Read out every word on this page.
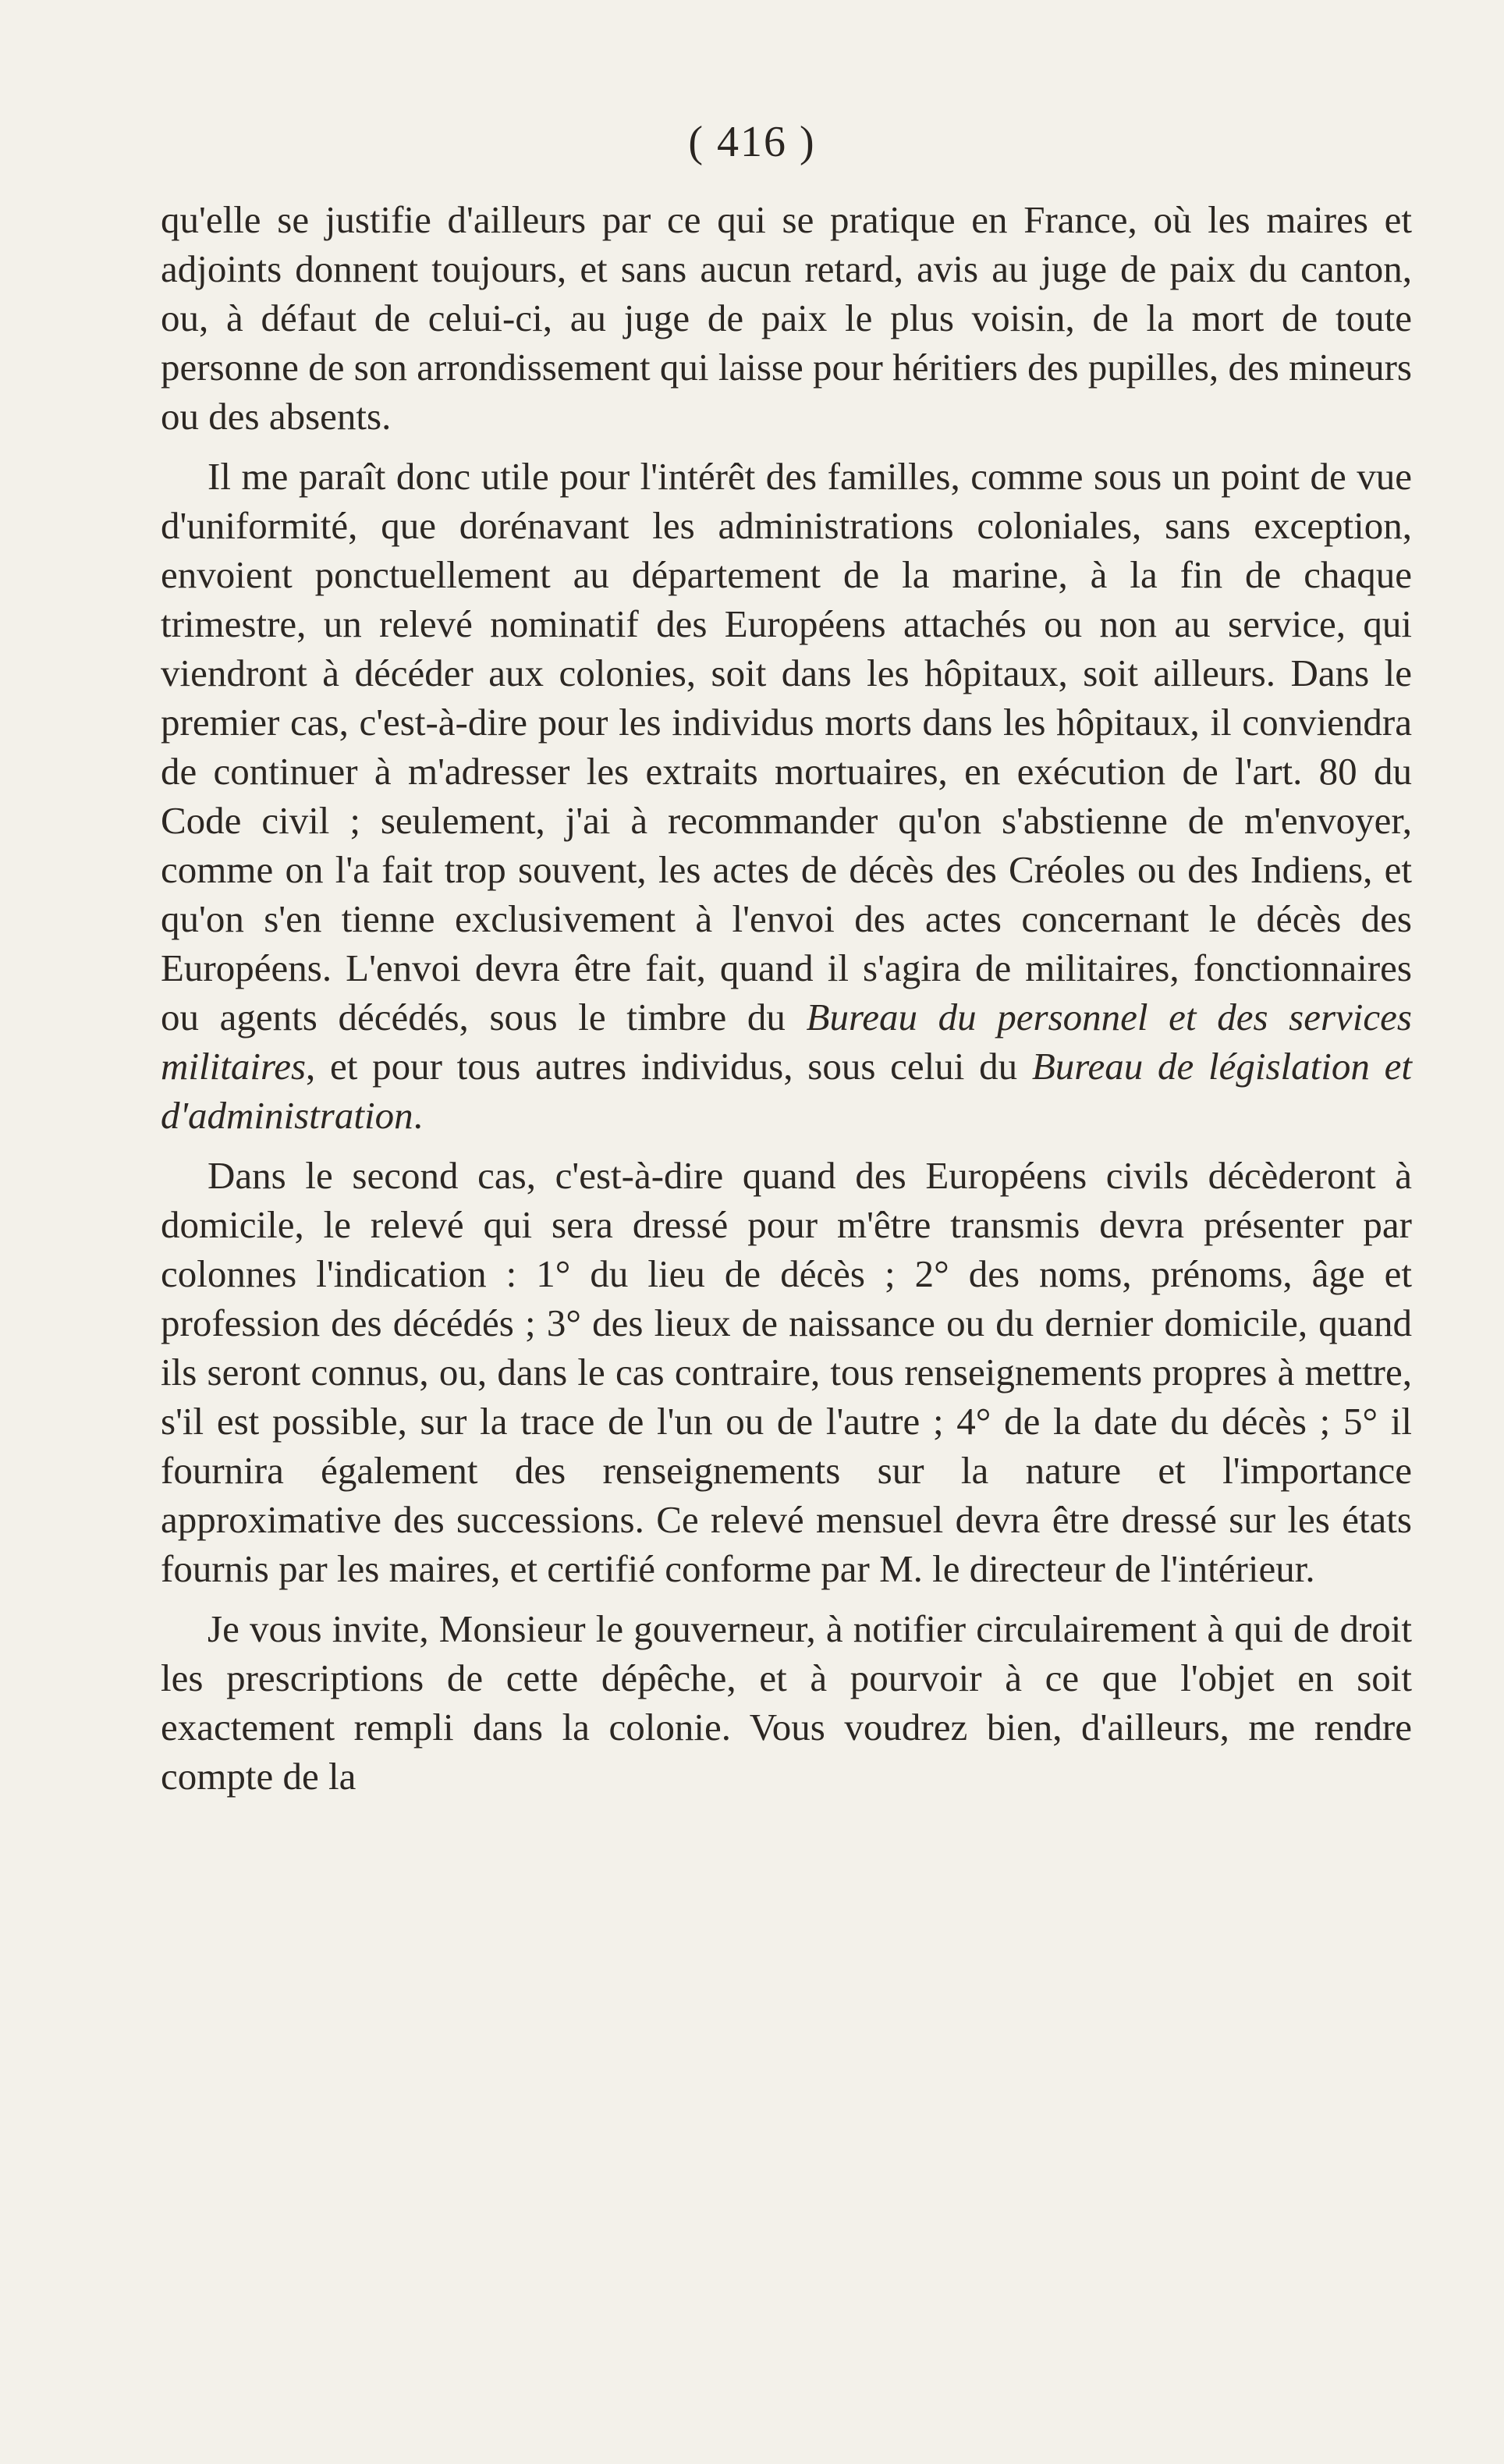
( 416 )

qu'elle se justifie d'ailleurs par ce qui se pratique en France, où les maires et adjoints donnent toujours, et sans aucun retard, avis au juge de paix du canton, ou, à défaut de celui-ci, au juge de paix le plus voisin, de la mort de toute personne de son arrondissement qui laisse pour héritiers des pupilles, des mineurs ou des absents.

Il me paraît donc utile pour l'intérêt des familles, comme sous un point de vue d'uniformité, que dorénavant les administrations coloniales, sans exception, envoient ponctuellement au département de la marine, à la fin de chaque trimestre, un relevé nominatif des Européens attachés ou non au service, qui viendront à décéder aux colonies, soit dans les hôpitaux, soit ailleurs. Dans le premier cas, c'est-à-dire pour les individus morts dans les hôpitaux, il conviendra de continuer à m'adresser les extraits mortuaires, en exécution de l'art. 80 du Code civil ; seulement, j'ai à recommander qu'on s'abstienne de m'envoyer, comme on l'a fait trop souvent, les actes de décès des Créoles ou des Indiens, et qu'on s'en tienne exclusivement à l'envoi des actes concernant le décès des Européens. L'envoi devra être fait, quand il s'agira de militaires, fonctionnaires ou agents décédés, sous le timbre du Bureau du personnel et des services militaires, et pour tous autres individus, sous celui du Bureau de législation et d'administration.

Dans le second cas, c'est-à-dire quand des Européens civils décèderont à domicile, le relevé qui sera dressé pour m'être transmis devra présenter par colonnes l'indication : 1° du lieu de décès ; 2° des noms, prénoms, âge et profession des décédés ; 3° des lieux de naissance ou du dernier domicile, quand ils seront connus, ou, dans le cas contraire, tous renseignements propres à mettre, s'il est possible, sur la trace de l'un ou de l'autre ; 4° de la date du décès ; 5° il fournira également des renseignements sur la nature et l'importance approximative des successions. Ce relevé mensuel devra être dressé sur les états fournis par les maires, et certifié conforme par M. le directeur de l'intérieur.

Je vous invite, Monsieur le gouverneur, à notifier circulairement à qui de droit les prescriptions de cette dépêche, et à pourvoir à ce que l'objet en soit exactement rempli dans la colonie. Vous voudrez bien, d'ailleurs, me rendre compte de la
